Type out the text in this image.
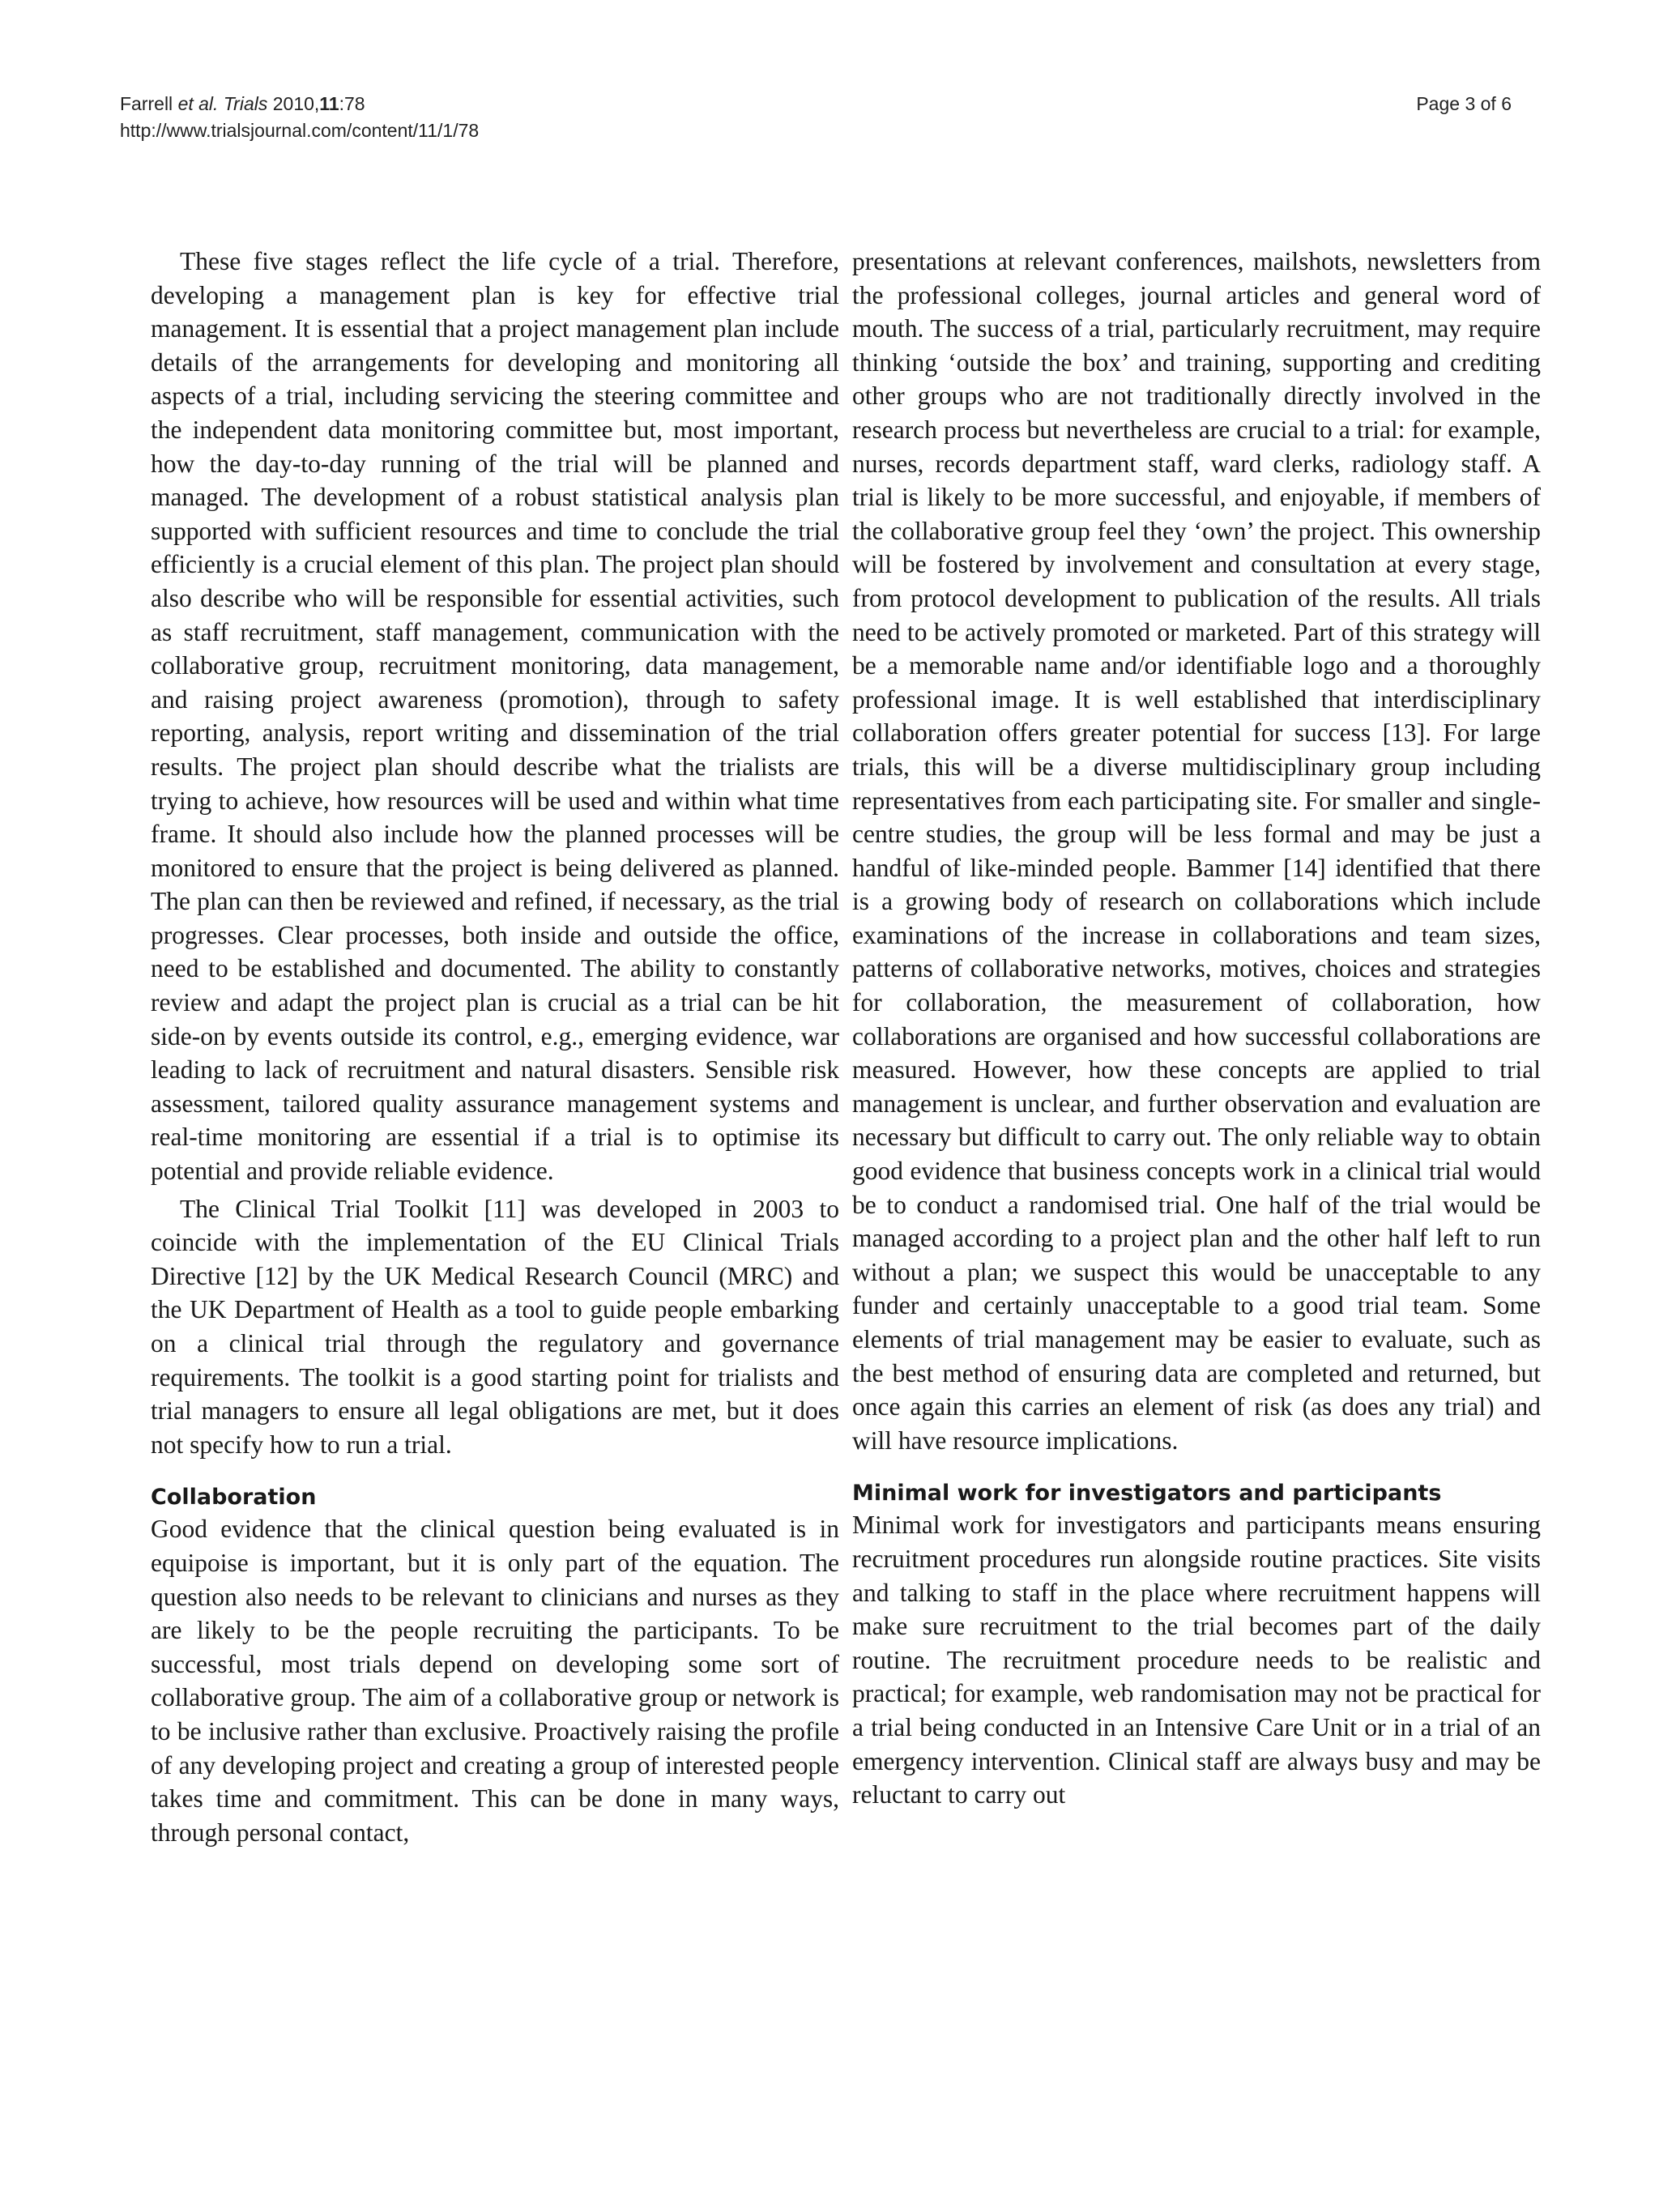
Farrell et al. Trials 2010,11:78
http://www.trialsjournal.com/content/11/1/78
Page 3 of 6

These five stages reflect the life cycle of a trial. Therefore, developing a management plan is key for effective trial management. It is essential that a project management plan include details of the arrangements for developing and monitoring all aspects of a trial, including servicing the steering committee and the independent data monitoring committee but, most important, how the day-to-day running of the trial will be planned and managed. The development of a robust statistical analysis plan supported with sufficient resources and time to conclude the trial efficiently is a crucial element of this plan. The project plan should also describe who will be responsible for essential activities, such as staff recruitment, staff management, communication with the collaborative group, recruitment monitoring, data management, and raising project awareness (promotion), through to safety reporting, analysis, report writing and dissemination of the trial results. The project plan should describe what the trialists are trying to achieve, how resources will be used and within what time frame. It should also include how the planned processes will be monitored to ensure that the project is being delivered as planned. The plan can then be reviewed and refined, if necessary, as the trial progresses. Clear processes, both inside and outside the office, need to be established and documented. The ability to constantly review and adapt the project plan is crucial as a trial can be hit side-on by events outside its control, e.g., emerging evidence, war leading to lack of recruitment and natural disasters. Sensible risk assessment, tailored quality assurance management systems and real-time monitoring are essential if a trial is to optimise its potential and provide reliable evidence.

The Clinical Trial Toolkit [11] was developed in 2003 to coincide with the implementation of the EU Clinical Trials Directive [12] by the UK Medical Research Council (MRC) and the UK Department of Health as a tool to guide people embarking on a clinical trial through the regulatory and governance requirements. The toolkit is a good starting point for trialists and trial managers to ensure all legal obligations are met, but it does not specify how to run a trial.

Collaboration

Good evidence that the clinical question being evaluated is in equipoise is important, but it is only part of the equation. The question also needs to be relevant to clinicians and nurses as they are likely to be the people recruiting the participants. To be successful, most trials depend on developing some sort of collaborative group. The aim of a collaborative group or network is to be inclusive rather than exclusive. Proactively raising the profile of any developing project and creating a group of interested people takes time and commitment. This can be done in many ways, through personal contact,

presentations at relevant conferences, mailshots, newsletters from the professional colleges, journal articles and general word of mouth. The success of a trial, particularly recruitment, may require thinking ‘outside the box’ and training, supporting and crediting other groups who are not traditionally directly involved in the research process but nevertheless are crucial to a trial: for example, nurses, records department staff, ward clerks, radiology staff. A trial is likely to be more successful, and enjoyable, if members of the collaborative group feel they ‘own’ the project. This ownership will be fostered by involvement and consultation at every stage, from protocol development to publication of the results. All trials need to be actively promoted or marketed. Part of this strategy will be a memorable name and/or identifiable logo and a thoroughly professional image. It is well established that interdisciplinary collaboration offers greater potential for success [13]. For large trials, this will be a diverse multidisciplinary group including representatives from each participating site. For smaller and single-centre studies, the group will be less formal and may be just a handful of like-minded people. Bammer [14] identified that there is a growing body of research on collaborations which include examinations of the increase in collaborations and team sizes, patterns of collaborative networks, motives, choices and strategies for collaboration, the measurement of collaboration, how collaborations are organised and how successful collaborations are measured. However, how these concepts are applied to trial management is unclear, and further observation and evaluation are necessary but difficult to carry out. The only reliable way to obtain good evidence that business concepts work in a clinical trial would be to conduct a randomised trial. One half of the trial would be managed according to a project plan and the other half left to run without a plan; we suspect this would be unacceptable to any funder and certainly unacceptable to a good trial team. Some elements of trial management may be easier to evaluate, such as the best method of ensuring data are completed and returned, but once again this carries an element of risk (as does any trial) and will have resource implications.

Minimal work for investigators and participants

Minimal work for investigators and participants means ensuring recruitment procedures run alongside routine practices. Site visits and talking to staff in the place where recruitment happens will make sure recruitment to the trial becomes part of the daily routine. The recruitment procedure needs to be realistic and practical; for example, web randomisation may not be practical for a trial being conducted in an Intensive Care Unit or in a trial of an emergency intervention. Clinical staff are always busy and may be reluctant to carry out
